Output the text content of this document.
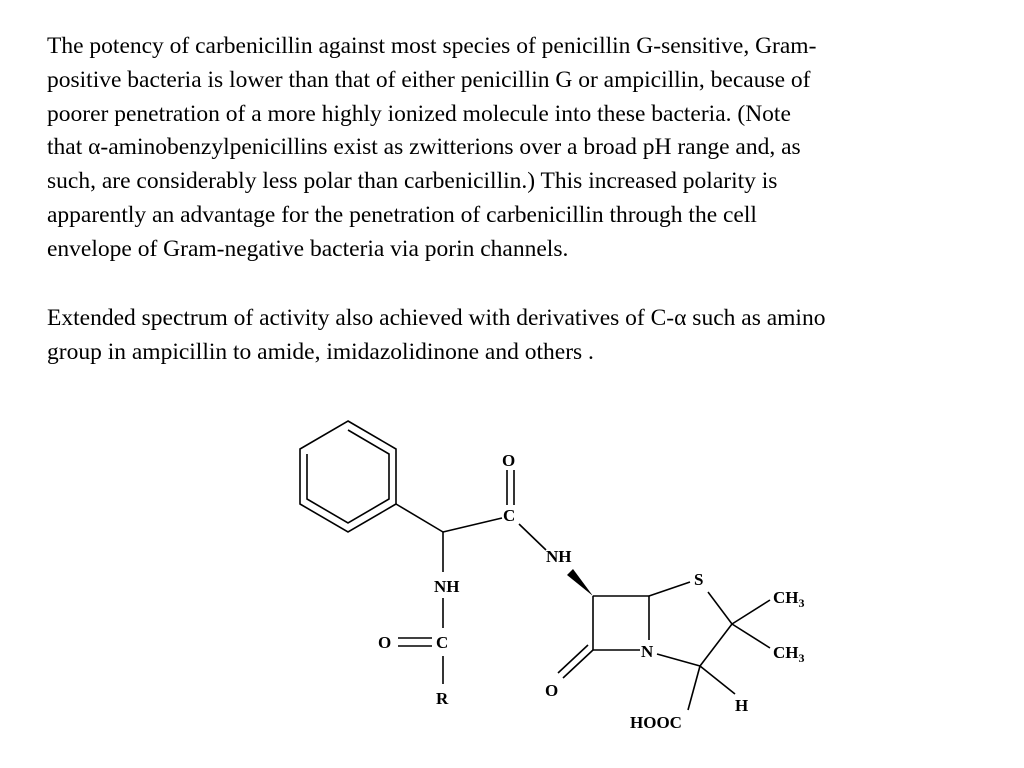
The potency of carbenicillin against most species of penicillin G-sensitive, Gram-
positive bacteria is lower than that of either penicillin G or ampicillin, because of
poorer penetration of a more highly ionized molecule into these bacteria. (Note
that α-aminobenzylpenicillins exist as zwitterions over a broad pH range and, as
such, are considerably less polar than carbenicillin.) This increased polarity is
apparently an advantage for the penetration of carbenicillin through the cell
envelope of Gram-negative bacteria via porin channels.

Extended spectrum of activity also achieved with derivatives of C-α such as amino
group in ampicillin to amide, imidazolidinone and others .

O
C
NH
NH
O	C
R
S
$CH_3$
$CH_3$
N
O
H
HOOC
